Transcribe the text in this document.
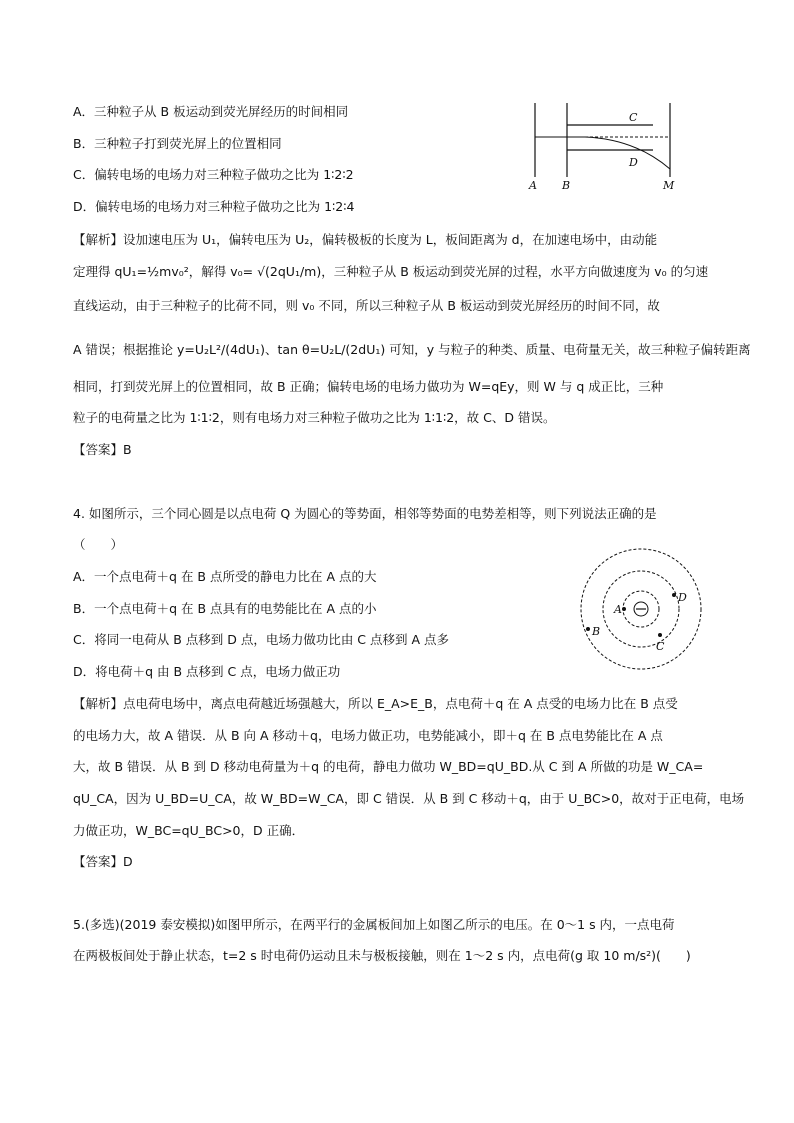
A．三种粒子从 B 板运动到荧光屏经历的时间相同
B．三种粒子打到荧光屏上的位置相同
C．偏转电场的电场力对三种粒子做功之比为 1∶2∶2
D．偏转电场的电场力对三种粒子做功之比为 1∶2∶4
A B	M
C
D
【解析】设加速电压为 U₁，偏转电压为 U₂，偏转极板的长度为 L，板间距离为 d，在加速电场中，由动能
定理得 qU₁=½mv₀²，解得 v₀= √(2qU₁/m)，三种粒子从 B 板运动到荧光屏的过程，水平方向做速度为 v₀ 的匀速
直线运动，由于三种粒子的比荷不同，则 v₀ 不同，所以三种粒子从 B 板运动到荧光屏经历的时间不同，故
A 错误；根据推论 y=U₂L²/(4dU₁)、tan θ=U₂L/(2dU₁) 可知，y 与粒子的种类、质量、电荷量无关，故三种粒子偏转距离
相同，打到荧光屏上的位置相同，故 B 正确；偏转电场的电场力做功为 W=qEy，则 W 与 q 成正比，三种
粒子的电荷量之比为 1∶1∶2，则有电场力对三种粒子做功之比为 1∶1∶2，故 C、D 错误。
【答案】B
4. 如图所示，三个同心圆是以点电荷 Q 为圆心的等势面，相邻等势面的电势差相等，则下列说法正确的是
（　　）
A．一个点电荷＋q 在 B 点所受的静电力比在 A 点的大
B．一个点电荷＋q 在 B 点具有的电势能比在 A 点的小
C．将同一电荷从 B 点移到 D 点，电场力做功比由 C 点移到 A 点多
D．将电荷＋q 由 B 点移到 C 点，电场力做正功
A
B
C
D
【解析】点电荷电场中，离点电荷越近场强越大，所以 E_A>E_B，点电荷＋q 在 A 点受的电场力比在 B 点受
的电场力大，故 A 错误．从 B 向 A 移动＋q，电场力做正功，电势能减小，即＋q 在 B 点电势能比在 A 点
大，故 B 错误．从 B 到 D 移动电荷量为＋q 的电荷，静电力做功 W_BD=qU_BD.从 C 到 A 所做的功是 W_CA=
qU_CA，因为 U_BD=U_CA，故 W_BD=W_CA，即 C 错误．从 B 到 C 移动＋q，由于 U_BC>0，故对于正电荷，电场
力做正功，W_BC=qU_BC>0，D 正确．
【答案】D
5.(多选)(2019 泰安模拟)如图甲所示，在两平行的金属板间加上如图乙所示的电压。在 0～1 s 内，一点电荷
在两极板间处于静止状态，t=2 s 时电荷仍运动且未与极板接触，则在 1～2 s 内，点电荷(g 取 10 m/s²)(　　)
